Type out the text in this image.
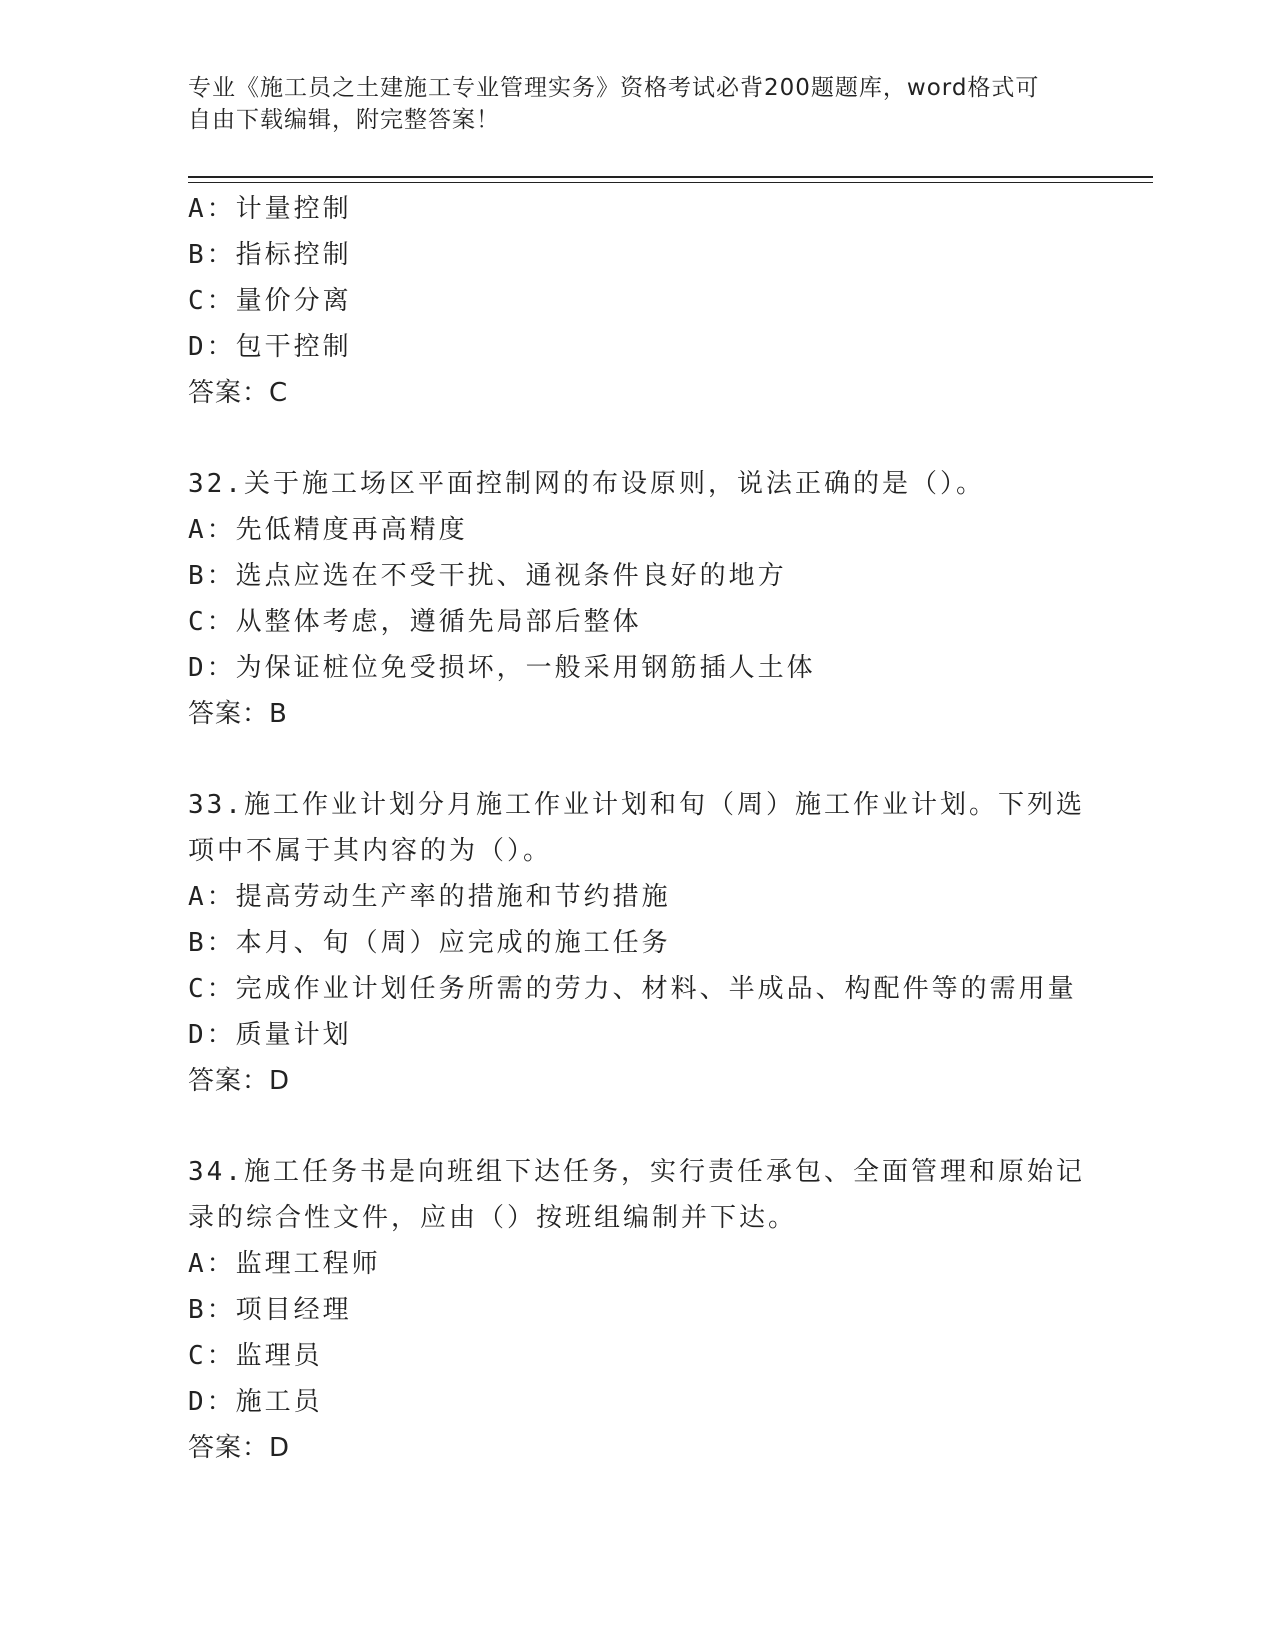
专业《施工员之土建施工专业管理实务》资格考试必背200题题库，word格式可
自由下载编辑，附完整答案！
A：计量控制
B：指标控制
C：量价分离
D：包干控制
答案：C
32.关于施工场区平面控制网的布设原则，说法正确的是（）。
A：先低精度再高精度
B：选点应选在不受干扰、通视条件良好的地方
C：从整体考虑，遵循先局部后整体
D：为保证桩位免受损坏，一般采用钢筋插人土体
答案：B
33.施工作业计划分月施工作业计划和旬（周）施工作业计划。下列选
项中不属于其内容的为（）。
A：提高劳动生产率的措施和节约措施
B：本月、旬（周）应完成的施工任务
C：完成作业计划任务所需的劳力、材料、半成品、构配件等的需用量
D：质量计划
答案：D
34.施工任务书是向班组下达任务，实行责任承包、全面管理和原始记
录的综合性文件，应由（）按班组编制并下达。
A：监理工程师
B：项目经理
C：监理员
D：施工员
答案：D
